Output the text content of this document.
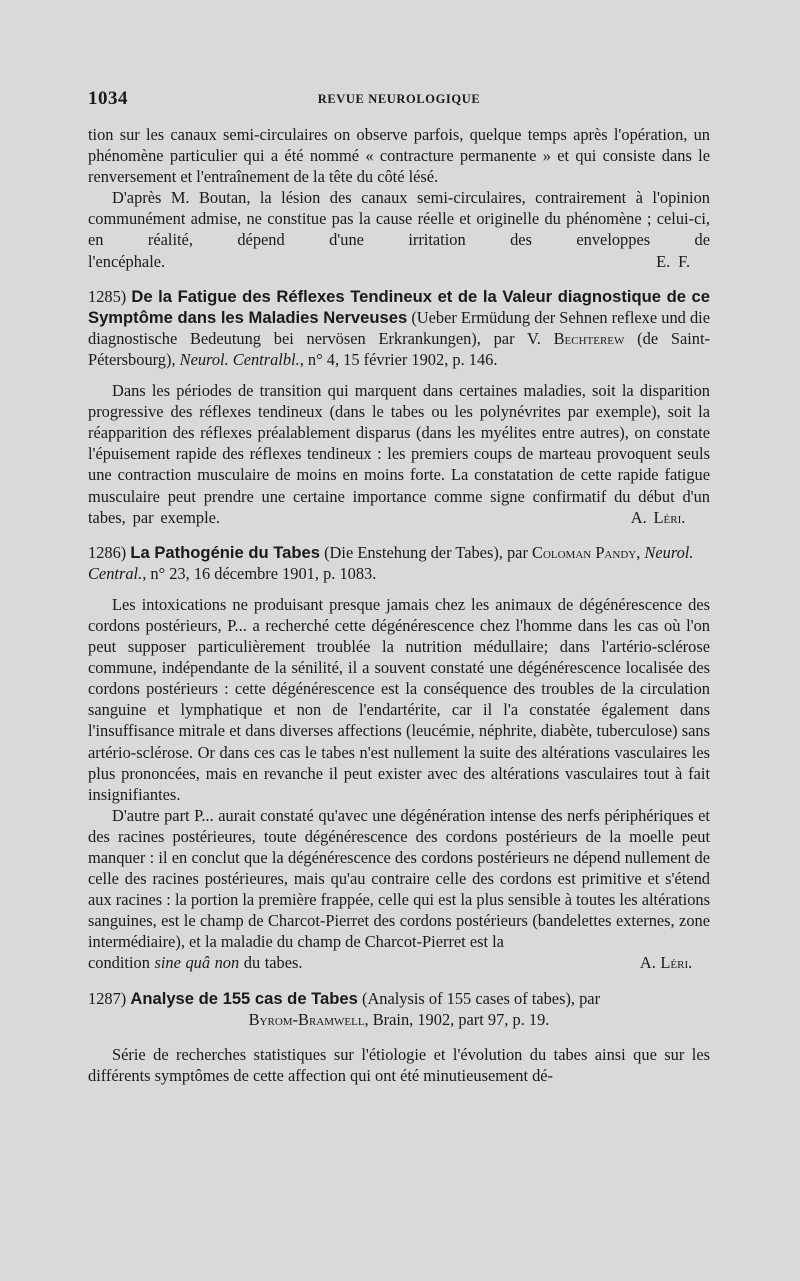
1034	REVUE NEUROLOGIQUE

tion sur les canaux semi-circulaires on observe parfois, quelque temps après l'opération, un phénomène particulier qui a été nommé « contracture permanente » et qui consiste dans le renversement et l'entraînement de la tête du côté lésé.

D'après M. Boutan, la lésion des canaux semi-circulaires, contrairement à l'opinion communément admise, ne constitue pas la cause réelle et originelle du phénomène ; celui-ci, en réalité, dépend d'une irritation des enveloppes de l'encéphale.	E. F.

1285) De la Fatigue des Réflexes Tendineux et de la Valeur diagnostique de ce Symptôme dans les Maladies Nerveuses (Ueber Ermüdung der Sehnen reflexe und die diagnostische Bedeutung bei nervösen Erkrankungen), par V. Bechterew (de Saint-Pétersbourg), Neurol. Centralbl., n° 4, 15 février 1902, p. 146.

Dans les périodes de transition qui marquent dans certaines maladies, soit la disparition progressive des réflexes tendineux (dans le tabes ou les polynévrites par exemple), soit la réapparition des réflexes préalablement disparus (dans les myélites entre autres), on constate l'épuisement rapide des réflexes tendineux : les premiers coups de marteau provoquent seuls une contraction musculaire de moins en moins forte. La constatation de cette rapide fatigue musculaire peut prendre une certaine importance comme signe confirmatif du début d'un tabes, par exemple.	A. Léri.

1286) La Pathogénie du Tabes (Die Enstehung der Tabes), par Coloman Pandy, Neurol. Central., n° 23, 16 décembre 1901, p. 1083.

Les intoxications ne produisant presque jamais chez les animaux de dégénérescence des cordons postérieurs, P... a recherché cette dégénérescence chez l'homme dans les cas où l'on peut supposer particulièrement troublée la nutrition médullaire; dans l'artério-sclérose commune, indépendante de la sénilité, il a souvent constaté une dégénérescence localisée des cordons postérieurs : cette dégénérescence est la conséquence des troubles de la circulation sanguine et lymphatique et non de l'endartérite, car il l'a constatée également dans l'insuffisance mitrale et dans diverses affections (leucémie, néphrite, diabète, tuberculose) sans artério-sclérose. Or dans ces cas le tabes n'est nullement la suite des altérations vasculaires les plus prononcées, mais en revanche il peut exister avec des altérations vasculaires tout à fait insignifiantes.

D'autre part P... aurait constaté qu'avec une dégénération intense des nerfs périphériques et des racines postérieures, toute dégénérescence des cordons postérieurs de la moelle peut manquer : il en conclut que la dégénérescence des cordons postérieurs ne dépend nullement de celle des racines postérieures, mais qu'au contraire celle des cordons est primitive et s'étend aux racines : la portion la première frappée, celle qui est la plus sensible à toutes les altérations sanguines, est le champ de Charcot-Pierret des cordons postérieurs (bandelettes externes, zone intermédiaire), et la maladie du champ de Charcot-Pierret est la

condition sine quâ non du tabes.	A. Léri.

1287) Analyse de 155 cas de Tabes (Analysis of 155 cases of tabes), par

Byrom-Bramwell, Brain, 1902, part 97, p. 19.

Série de recherches statistiques sur l'étiologie et l'évolution du tabes ainsi que sur les différents symptômes de cette affection qui ont été minutieusement dé-
